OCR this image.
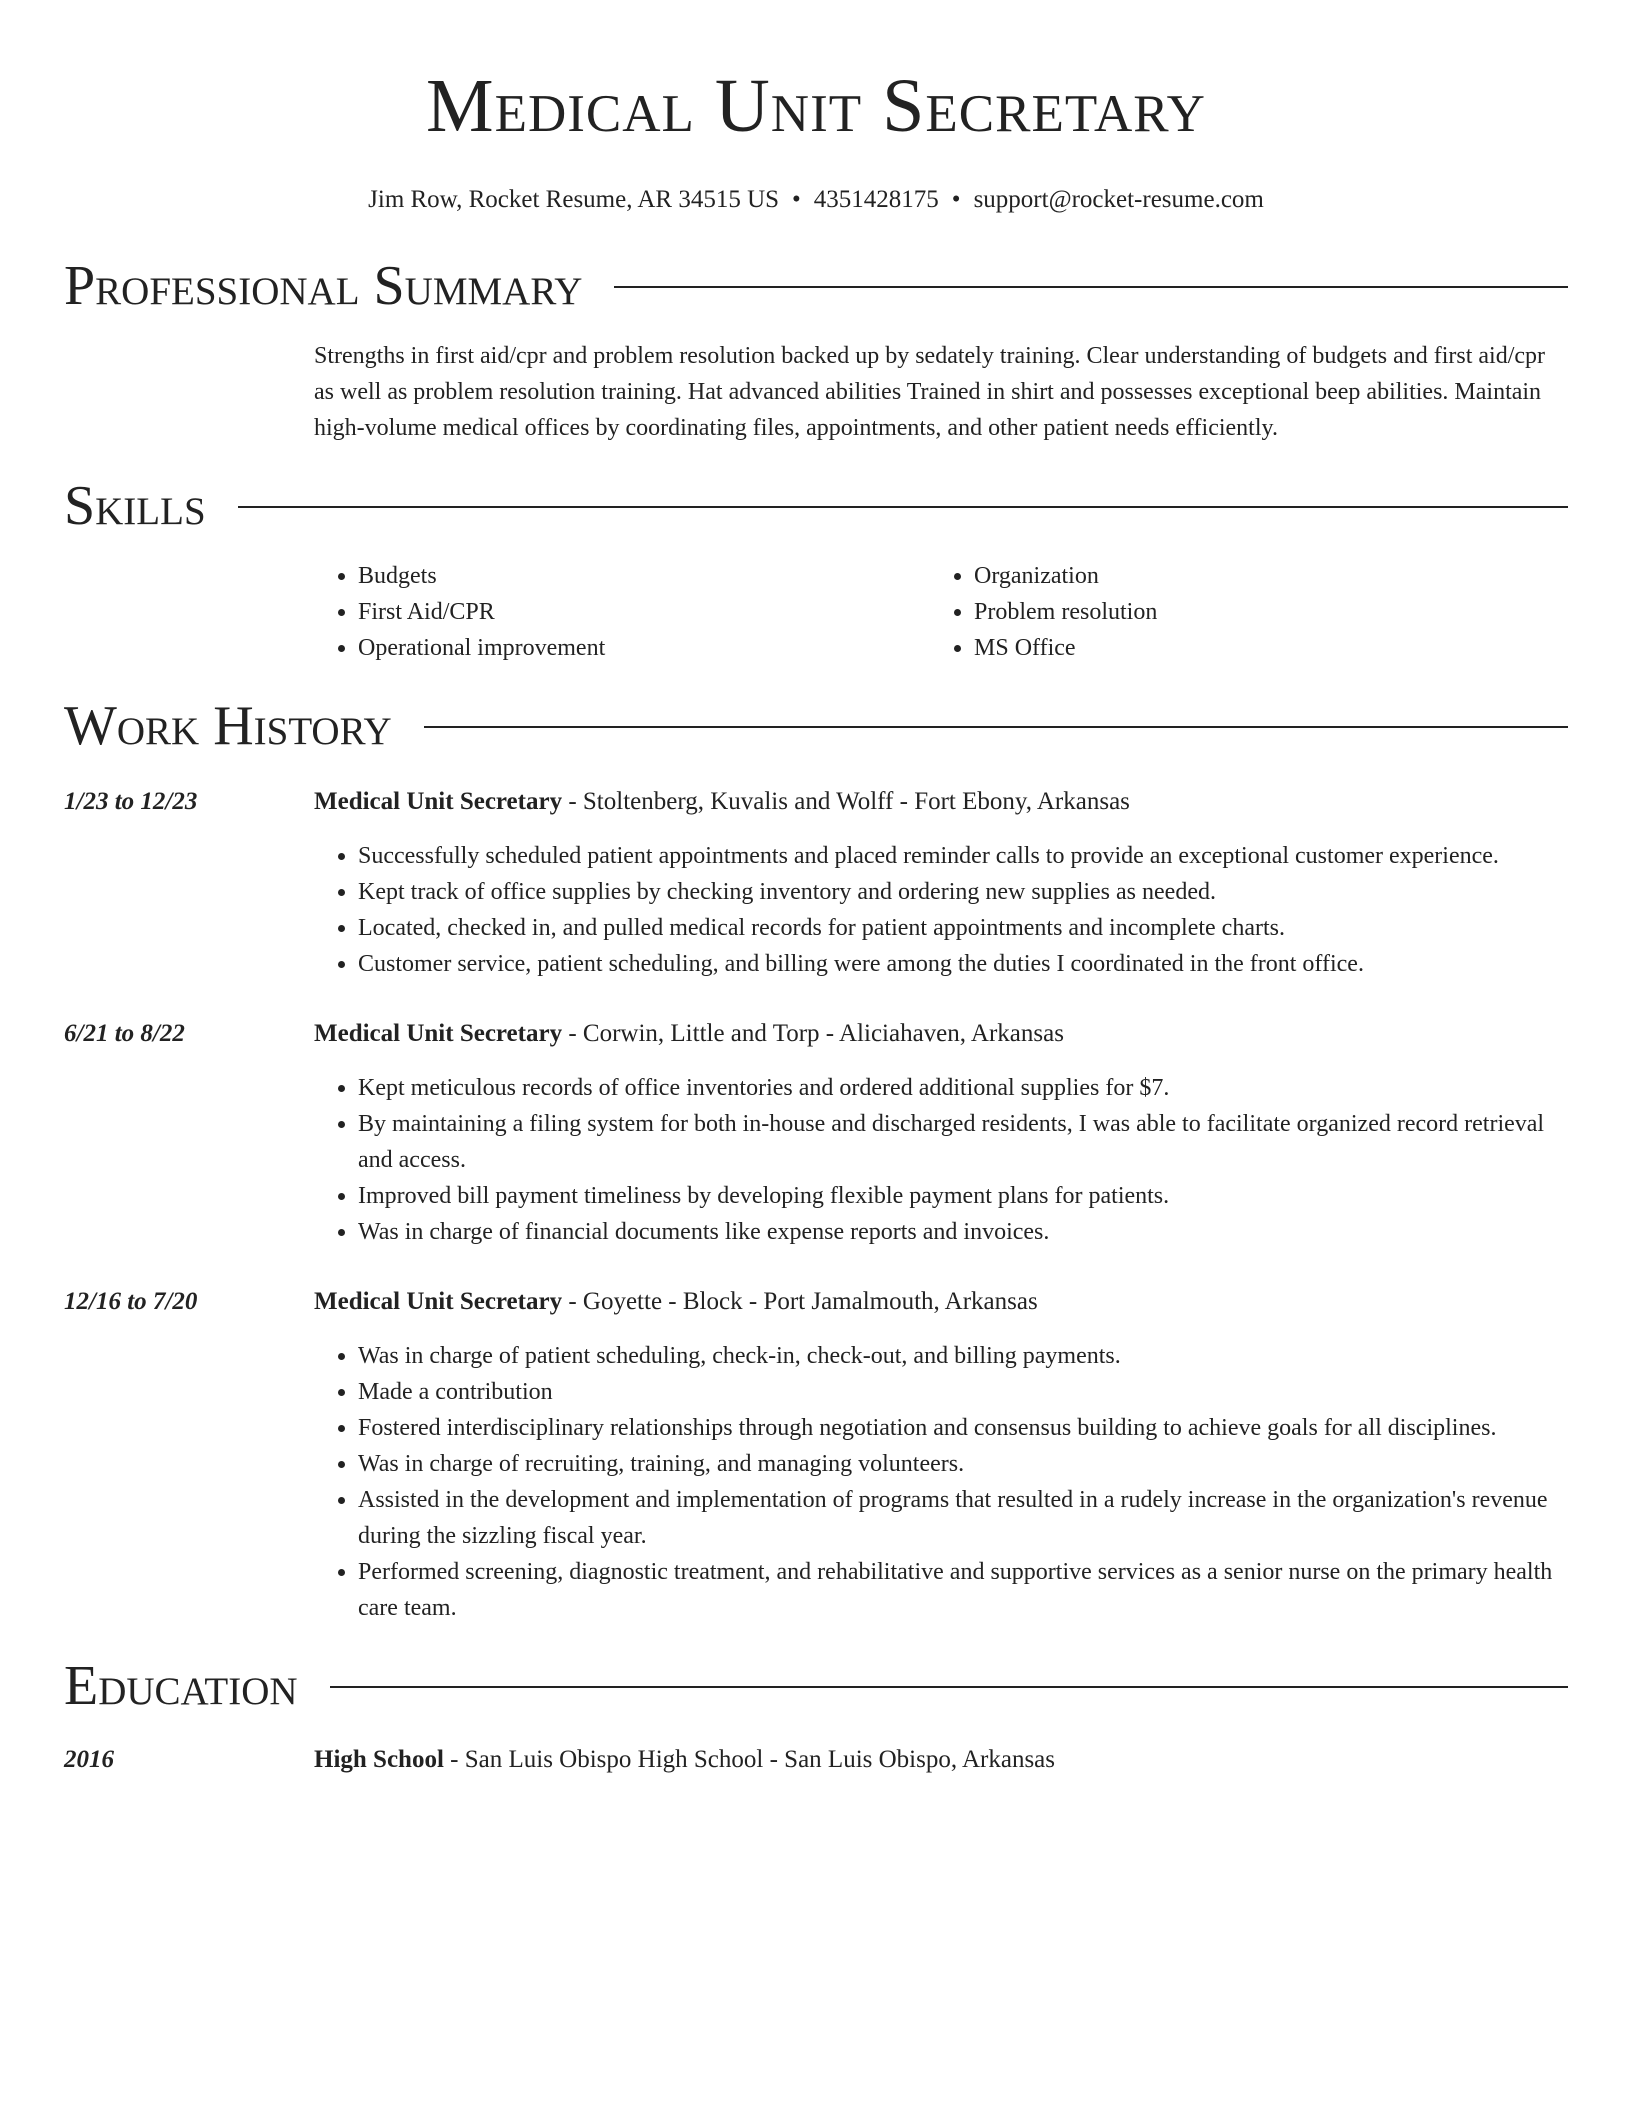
Medical Unit Secretary
Jim Row, Rocket Resume, AR 34515 US • 4351428175 • support@rocket-resume.com
Professional Summary
Strengths in first aid/cpr and problem resolution backed up by sedately training. Clear understanding of budgets and first aid/cpr as well as problem resolution training. Hat advanced abilities Trained in shirt and possesses exceptional beep abilities. Maintain high-volume medical offices by coordinating files, appointments, and other patient needs efficiently.
Skills
• Budgets
• First Aid/CPR
• Operational improvement
• Organization
• Problem resolution
• MS Office
Work History
1/23 to 12/23	Medical Unit Secretary - Stoltenberg, Kuvalis and Wolff - Fort Ebony, Arkansas
• Successfully scheduled patient appointments and placed reminder calls to provide an exceptional customer experience.
• Kept track of office supplies by checking inventory and ordering new supplies as needed.
• Located, checked in, and pulled medical records for patient appointments and incomplete charts.
• Customer service, patient scheduling, and billing were among the duties I coordinated in the front office.
6/21 to 8/22	Medical Unit Secretary - Corwin, Little and Torp - Aliciahaven, Arkansas
• Kept meticulous records of office inventories and ordered additional supplies for $7.
• By maintaining a filing system for both in-house and discharged residents, I was able to facilitate organized record retrieval and access.
• Improved bill payment timeliness by developing flexible payment plans for patients.
• Was in charge of financial documents like expense reports and invoices.
12/16 to 7/20	Medical Unit Secretary - Goyette - Block - Port Jamalmouth, Arkansas
• Was in charge of patient scheduling, check-in, check-out, and billing payments.
• Made a contribution
• Fostered interdisciplinary relationships through negotiation and consensus building to achieve goals for all disciplines.
• Was in charge of recruiting, training, and managing volunteers.
• Assisted in the development and implementation of programs that resulted in a rudely increase in the organization's revenue during the sizzling fiscal year.
• Performed screening, diagnostic treatment, and rehabilitative and supportive services as a senior nurse on the primary health care team.
Education
2016	High School - San Luis Obispo High School - San Luis Obispo, Arkansas
